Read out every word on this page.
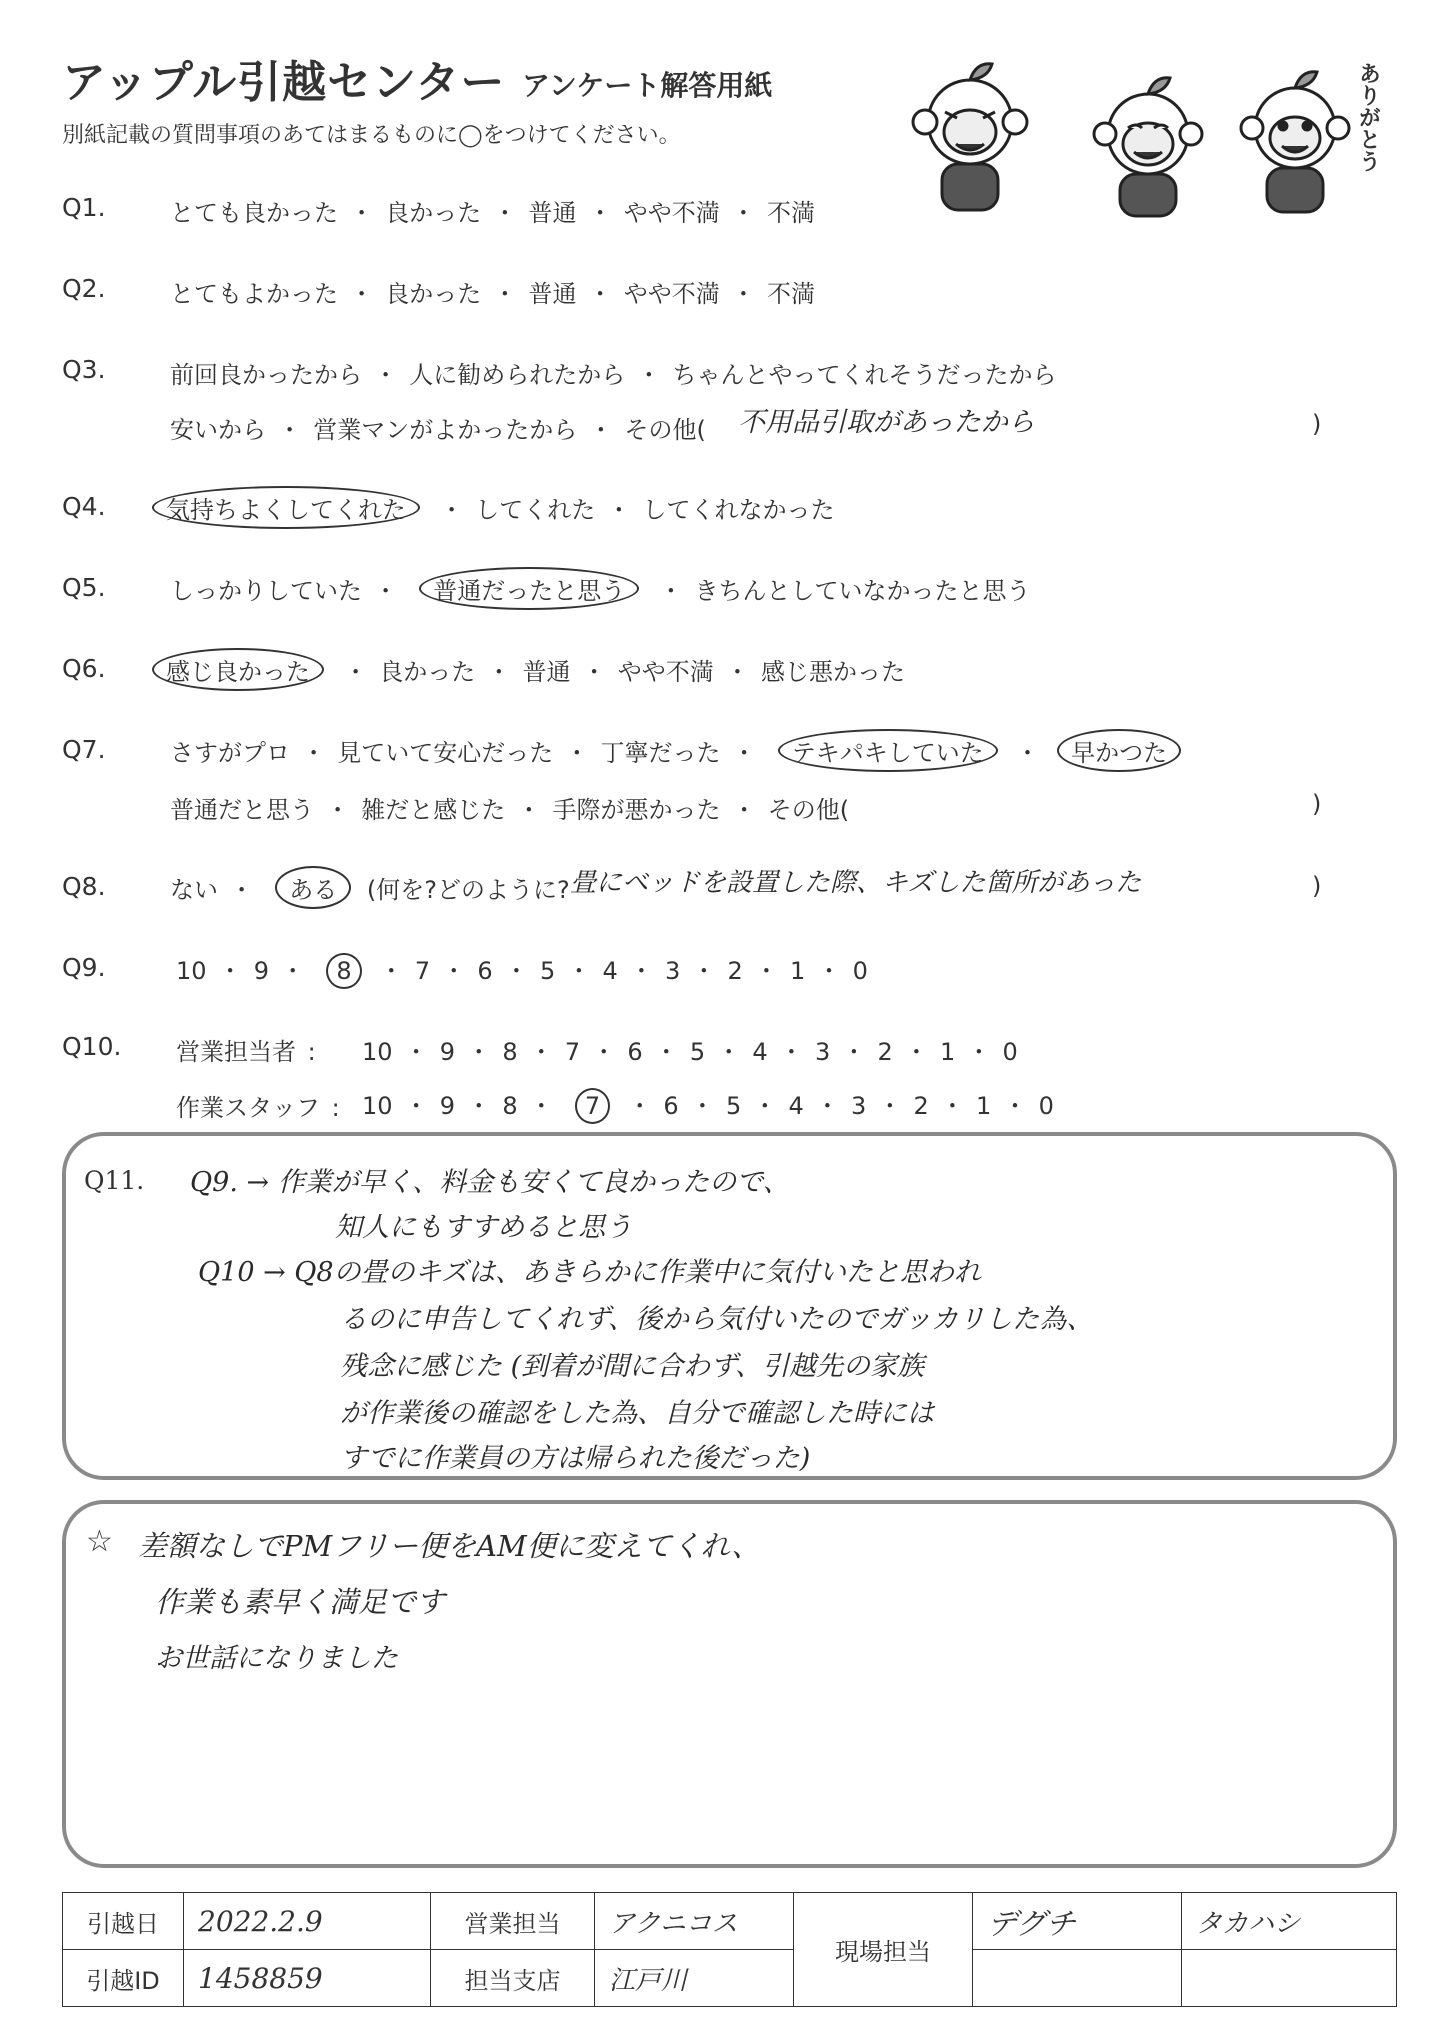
アップル引越センター アンケート解答用紙
別紙記載の質問事項のあてはまるものに◯をつけてください。	ありがとう
Q1.	とても良かった ・ 良かった ・ 普通 ・ やや不満 ・ 不満
Q2.	とてもよかった ・ 良かった ・ 普通 ・ やや不満 ・ 不満
Q3.	前回良かったから ・ 人に勧められたから ・ ちゃんとやってくれそうだったから
安いから ・ 営業マンがよかったから ・ その他( 不用品引取があったから	)
Q4.	気持ちよくしてくれた ・ してくれた ・ してくれなかった
Q5.	しっかりしていた ・ 普通だったと思う ・ きちんとしていなかったと思う
Q6.	感じ良かった ・ 良かった ・ 普通 ・ やや不満 ・ 感じ悪かった
Q7.	さすがプロ ・ 見ていて安心だった ・ 丁寧だった ・ テキパキしていた ・ 早かつた
普通だと思う ・ 雑だと感じた ・ 手際が悪かった ・ その他(	)
Q8.	ない ・ ある (何を?どのように? 畳にベッドを設置した際、キズした箇所があった	)
Q9.	10 ・ 9 ・ 8 ・ 7 ・ 6 ・ 5 ・ 4 ・ 3 ・ 2 ・ 1 ・ 0
Q10. 営業担当者 : 10 ・ 9 ・ 8 ・ 7 ・ 6 ・ 5 ・ 4 ・ 3 ・ 2 ・ 1 ・ 0
作業スタッフ : 10 ・ 9 ・ 8 ・ 7 ・ 6 ・ 5 ・ 4 ・ 3 ・ 2 ・ 1 ・ 0
Q11. Q9. → 作業が早く、料金も安くて良かったので、
知人にもすすめると思う
Q10 → Q8の畳のキズは、あきらかに作業中に気付いたと思われ
るのに申告してくれず、後から気付いたのでガッカリした為、
残念に感じた (到着が間に合わず、引越先の家族
が作業後の確認をした為、自分で確認した時には
すでに作業員の方は帰られた後だった)
☆ 差額なしでPMフリー便をAM便に変えてくれ、
作業も素早く満足です
お世話になりました
引越日	2022.2.9	営業担当	アクニコス	現場担当	デグチ	タカハシ
引越ID	1458859	担当支店	江戸川			
